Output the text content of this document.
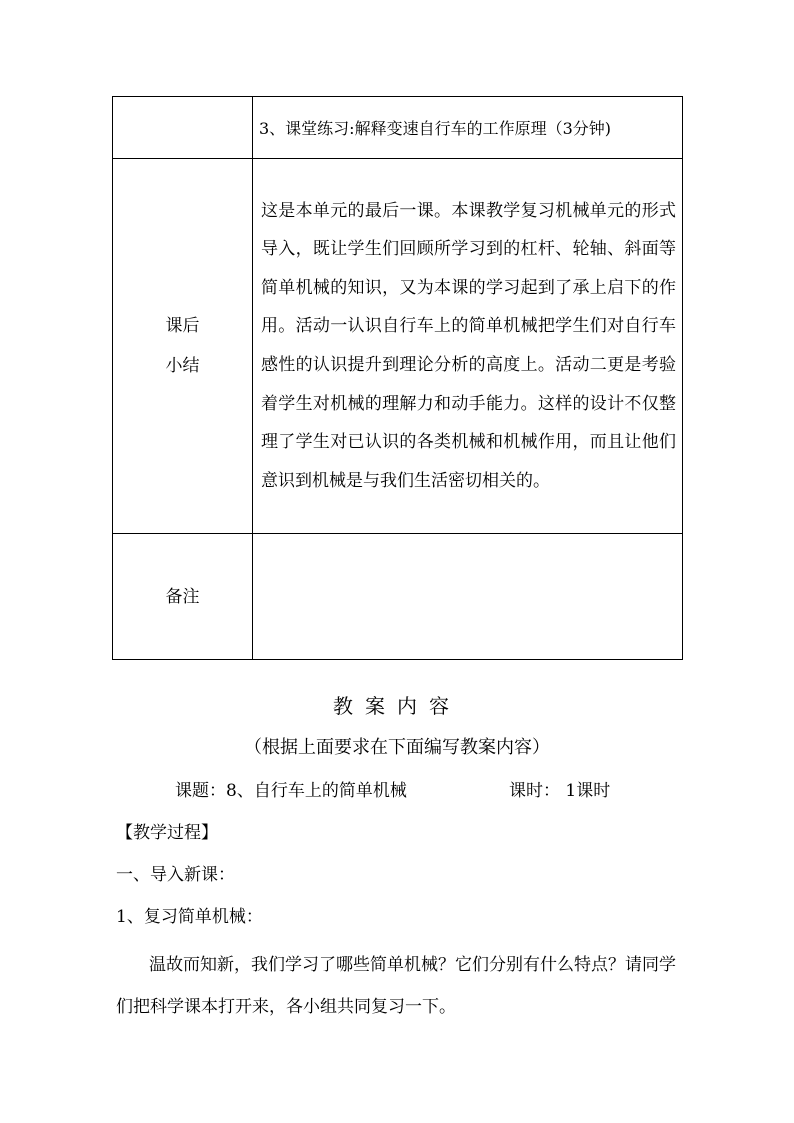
	3、课堂练习:解释变速自行车的工作原理（3分钟)

课后
小结	这是本单元的最后一课。本课教学复习机械单元的形式导入，既让学生们回顾所学习到的杠杆、轮轴、斜面等简单机械的知识，又为本课的学习起到了承上启下的作用。活动一认识自行车上的简单机械把学生们对自行车感性的认识提升到理论分析的高度上。活动二更是考验着学生对机械的理解力和动手能力。这样的设计不仅整理了学生对已认识的各类机械和机械作用，而且让他们意识到机械是与我们生活密切相关的。

备注	
教案内容
（根据上面要求在下面编写教案内容）
课题：8、自行车上的简单机械	课时： 1课时
【教学过程】
一、导入新课：
1、复习简单机械：
温故而知新，我们学习了哪些简单机械？它们分别有什么特点？请同学们把科学课本打开来，各小组共同复习一下。
